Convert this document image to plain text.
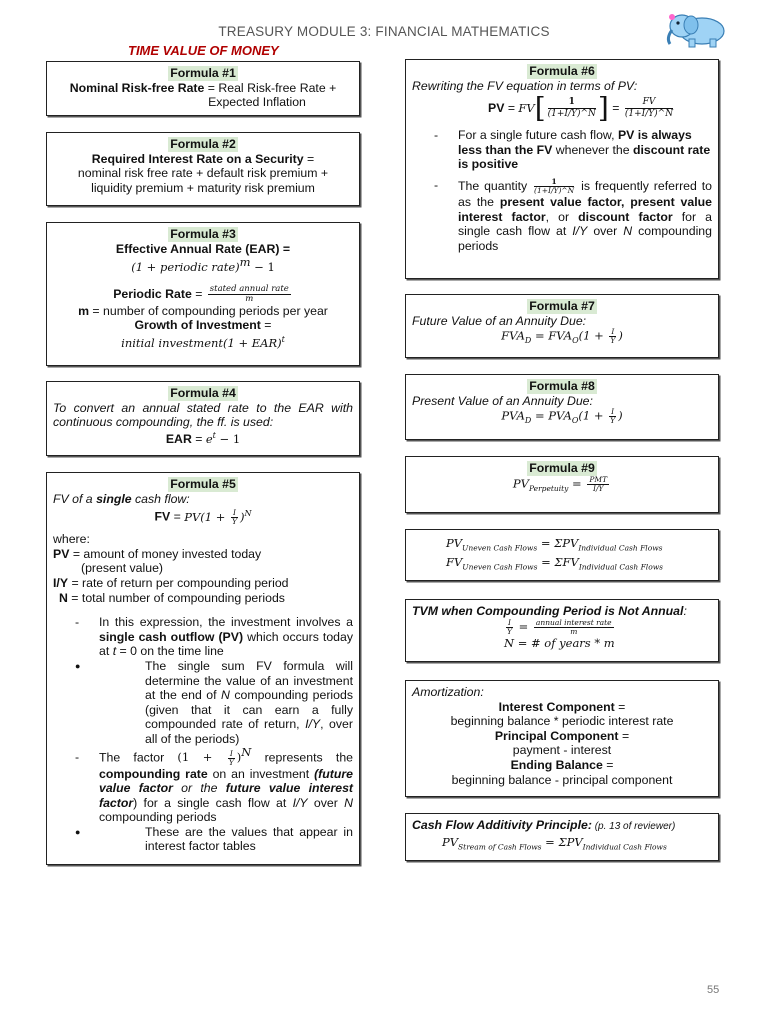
TREASURY MODULE 3: FINANCIAL MATHEMATICS
TIME VALUE OF MONEY
Formula #1
Nominal Risk-free Rate = Real Risk-free Rate +
Expected Inflation
Formula #2
Required Interest Rate on a Security =
nominal risk free rate + default risk premium +
liquidity premium + maturity risk premium
Formula #3
Effective Annual Rate (EAR) =
(1 + periodic rate)$^m$ − 1
Periodic Rate = $\frac{\text{stated annual rate}}{m}$
m = number of compounding periods per year
Growth of Investment =
initial investment(1 + EAR)$^t$
Formula #4
To convert an annual stated rate to the EAR with continuous compounding, the ff. is used:
EAR = $e^t - 1$
Formula #5
FV of a single cash flow:
FV = $PV(1 + \frac{I}{Y} )^N$
where:
PV = amount of money invested today
(present value)
I/Y = rate of return per compounding period
N = total number of compounding periods
- In this expression, the investment involves a single cash outflow (PV) which occurs today at t = 0 on the time line
● The single sum FV formula will determine the value of an investment at the end of N compounding periods (given that it can earn a fully compounded rate of return, I/Y, over all of the periods)
- The factor $(1 + \frac{I}{Y} )^N$ represents the compounding rate on an investment (future value factor or the future value interest factor) for a single cash flow at I/Y over N compounding periods
● These are the values that appear in interest factor tables
Formula #6
Rewriting the FV equation in terms of PV:
PV = $FV[ \frac{1}{(1+I/Y)\^{}N}$ ] = $\frac{FV}{(1+I/Y)\^{}N}$
- For a single future cash flow, PV is always less than the FV whenever the discount rate is positive
- The quantity $\frac{1}{(1+I/Y)\^{}N}$ is frequently referred to as the present value factor, present value interest factor, or discount factor for a single cash flow at I/Y over N compounding periods
Formula #7
Future Value of an Annuity Due:
$FVA_D = FVA_O(1 + \frac{I}{Y}$ )
Formula #8
Present Value of an Annuity Due:
$PVA_D = PVA_O(1 + \frac{I}{Y}$ )
Formula #9
$PV_{Perpetuity} = \frac{\text{PMT}}{I/Y}$
$PV_{Uneven Cash Flows} = \Sigma PV_{Individual Cash Flows}$
$FV_{Uneven Cash Flows} = \Sigma FV_{Individual Cash Flows}$
TVM when Compounding Period is Not Annual:
$\frac{I}{Y} = \frac{\text{annual interest rate}}{m}$
N = # of years * m
Amortization:
Interest Component =
beginning balance * periodic interest rate
Principal Component =
payment - interest
Ending Balance =
beginning balance - principal component
Cash Flow Additivity Principle: (p. 13 of reviewer)
$PV_{Stream of Cash Flows} = \Sigma PV_{Individual Cash Flows}$
55
